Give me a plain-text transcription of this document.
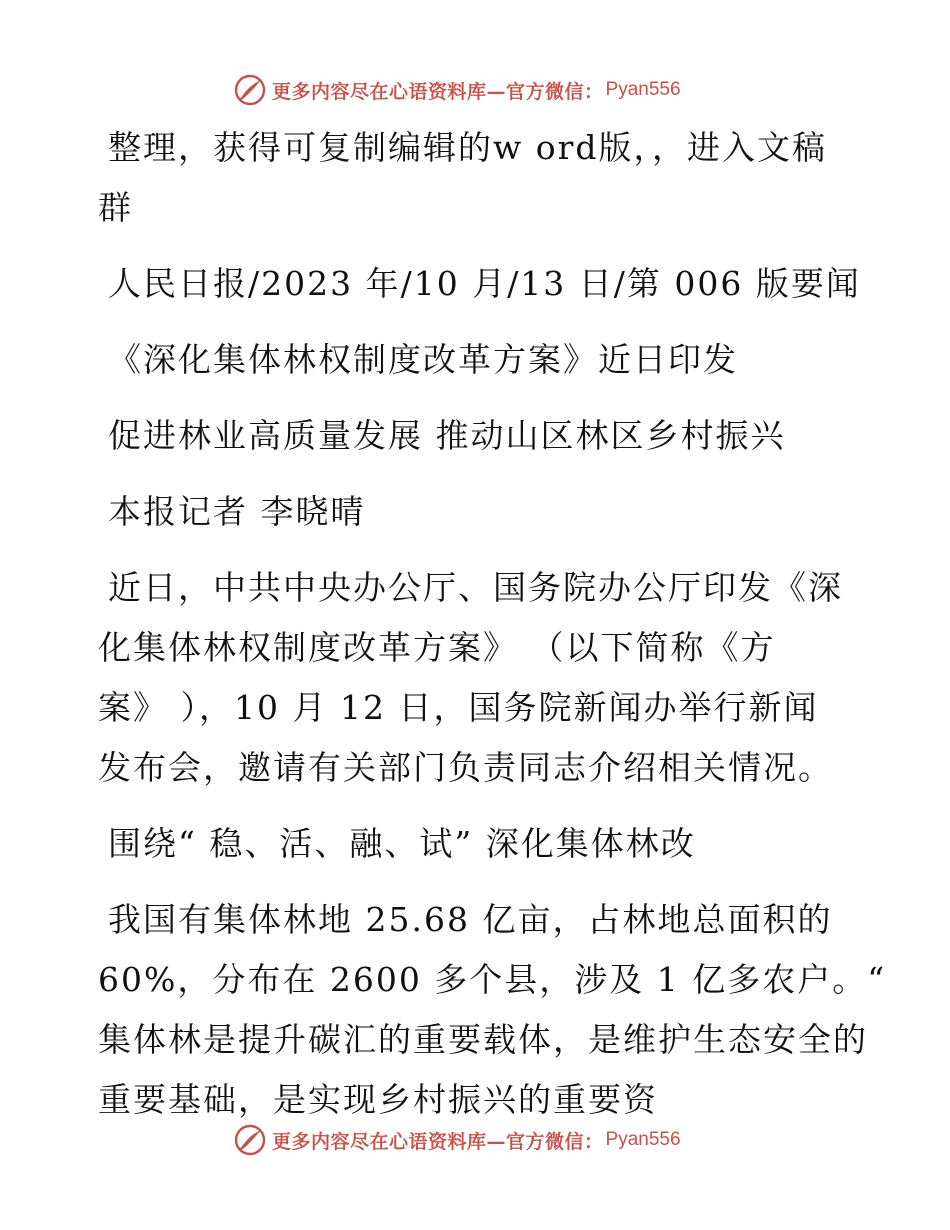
更多内容尽在心语资料库—官方微信： Pyan556
整理，获得可复制编辑的w ord版，，进入文稿
群
人民日报/2023 年/10 月/13 日/第 006 版要闻
《深化集体林权制度改革方案》近日印发
促进林业高质量发展 推动山区林区乡村振兴
本报记者 李晓晴
近日，中共中央办公厅、国务院办公厅印发《深
化集体林权制度改革方案》 （以下简称《方
案》 ），10 月 12 日，国务院新闻办举行新闻
发布会，邀请有关部门负责同志介绍相关情况。
围绕“ 稳、活、融、试” 深化集体林改
我国有集体林地 25.68 亿亩，占林地总面积的
60%，分布在 2600 多个县，涉及 1 亿多农户。“
集体林是提升碳汇的重要载体，是维护生态安全的
重要基础，是实现乡村振兴的重要资
更多内容尽在心语资料库—官方微信： Pyan556
